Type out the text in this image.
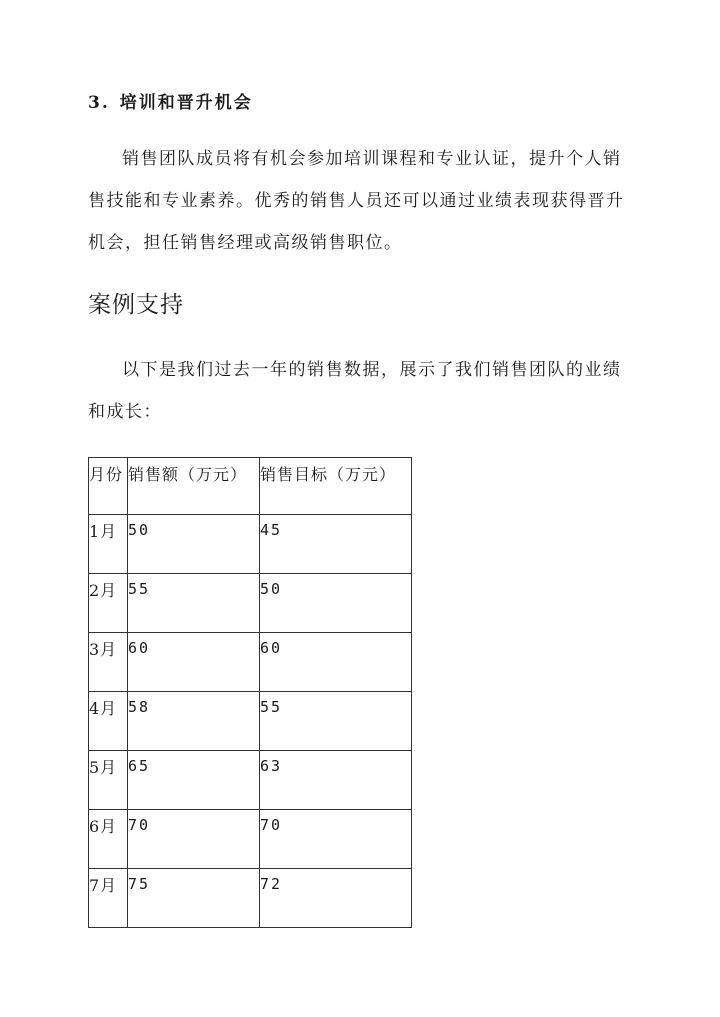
3. 培训和晋升机会

销售团队成员将有机会参加培训课程和专业认证，提升个人销售技能和专业素养。优秀的销售人员还可以通过业绩表现获得晋升机会，担任销售经理或高级销售职位。

案例支持

以下是我们过去一年的销售数据，展示了我们销售团队的业绩和成长：

月份	销售额（万元）	销售目标（万元）
1月	50	45
2月	55	50
3月	60	60
4月	58	55
5月	65	63
6月	70	70
7月	75	72
